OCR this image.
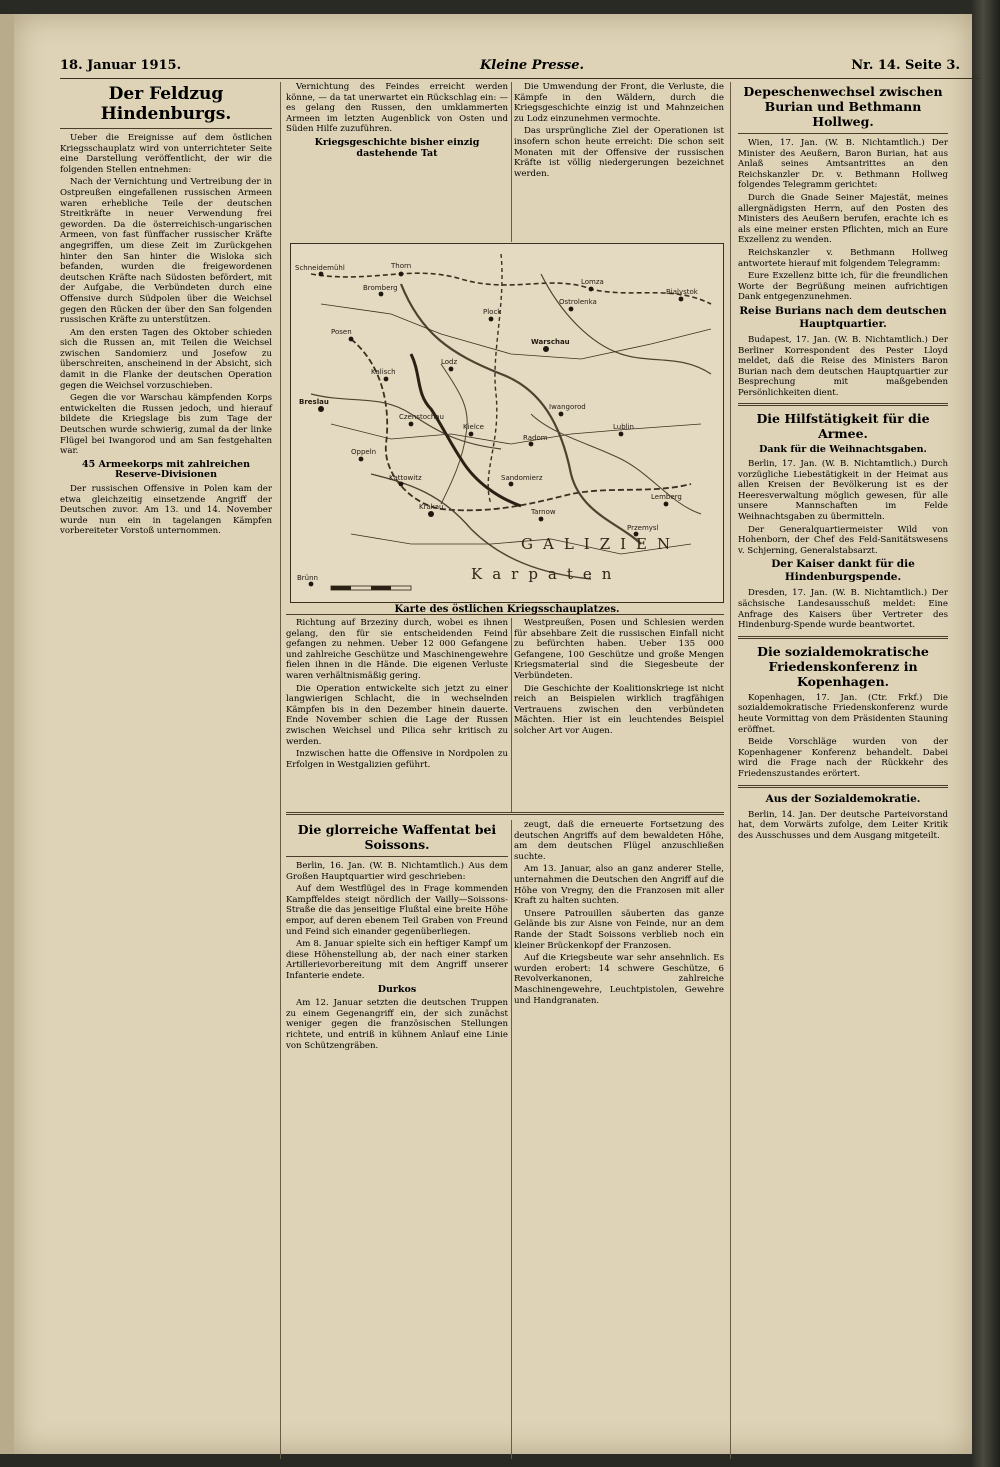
18. Januar 1915.	Kleine Presse.	Nr. 14. Seite 3.
Der Feldzug Hindenburgs.

Ueber die Ereignisse auf dem östlichen Kriegsschauplatz wird von unterrichteter Seite eine Darstellung veröffentlicht, der wir die folgenden Stellen entnehmen:

Nach der Vernichtung und Vertreibung der in Ostpreußen eingefallenen russischen Armeen waren erhebliche Teile der deutschen Streitkräfte in neuer Verwendung frei geworden. Da die österreichisch-ungarischen Armeen, von fast fünffacher russischer Kräfte angegriffen, um diese Zeit im Zurückgehen hinter den San hinter die Wisloka sich befanden, wurden die freigewordenen deutschen Kräfte nach Südosten befördert, mit der Aufgabe, die Verbündeten durch eine Offensive durch Südpolen über die Weichsel gegen den Rücken der über den San folgenden russischen Kräfte zu unterstützen.

Am den ersten Tagen des Oktober schieden sich die Russen an, mit Teilen die Weichsel zwischen Sandomierz und Josefow zu überschreiten, anscheinend in der Absicht, sich damit in die Flanke der deutschen Operation gegen die Weichsel vorzuschieben.

Gegen die vor Warschau kämpfenden Korps entwickelten die Russen jedoch, und hierauf bildete die Kriegslage bis zum Tage der Deutschen wurde schwierig, zumal da der linke Flügel bei Iwangorod und am San festgehalten war.

45 Armeekorps mit zahlreichen Reserve-Divisionen

Der russischen Offensive in Polen kam der etwa gleichzeitig einsetzende Angriff der Deutschen zuvor. Am 13. und 14. November wurde nun ein in tagelangen Kämpfen vorbereiteter Vorstoß unternommen.

Vernichtung des Feindes erreicht werden könne, — da tat unerwartet ein Rückschlag ein: — es gelang den Russen, den umklammerten Armeen im letzten Augenblick von Osten und Süden Hilfe zuzuführen.

Kriegsgeschichte bisher einzig dastehende Tat

Die Umwendung der Front, die Verluste, die Kämpfe in den Wäldern, durch die Kriegsgeschichte einzig ist und Mahnzeichen zu Lodz einzunehmen vermochte.

Das ursprüngliche Ziel der Operationen ist insofern schon heute erreicht: Die schon seit Monaten mit der Offensive der russischen Kräfte ist völlig niedergerungen bezeichnet werden.

Schneidemühl	Thorn
Bromberg
Lomza
Bialystok
Plock
Ostrolenka
Posen
Warschau
Lodz
Kalisch
Iwangorod
Radom
Lublin
Breslau
Czenstochau
Krakau
Oppeln
Kielce
Tarnow
Lemberg
Przemysl
Brünn
Kattowitz	Sandomierz
GALIZIEN
Karpaten
Karte des östlichen Kriegsschauplatzes.

Richtung auf Brzeziny durch, wobei es ihnen gelang, den für sie entscheidenden Feind gefangen zu nehmen. Ueber 12 000 Gefangene und zahlreiche Geschütze und Maschinengewehre fielen ihnen in die Hände. Die eigenen Verluste waren verhältnismäßig gering.

Die Operation entwickelte sich jetzt zu einer langwierigen Schlacht, die in wechselnden Kämpfen bis in den Dezember hinein dauerte. Ende November schien die Lage der Russen zwischen Weichsel und Pilica sehr kritisch zu werden.

Inzwischen hatte die Offensive in Nordpolen zu Erfolgen in Westgalizien geführt.

Westpreußen, Posen und Schlesien werden für absehbare Zeit die russischen Einfall nicht zu befürchten haben. Ueber 135 000 Gefangene, 100 Geschütze und große Mengen Kriegsmaterial sind die Siegesbeute der Verbündeten.

Die Geschichte der Koalitionskriege ist nicht reich an Beispielen wirklich tragfähigen Vertrauens zwischen den verbündeten Mächten. Hier ist ein leuchtendes Beispiel solcher Art vor Augen.

Die glorreiche Waffentat bei Soissons.

Berlin, 16. Jan. (W. B. Nichtamtlich.) Aus dem Großen Hauptquartier wird geschrieben:

Auf dem Westflügel des in Frage kommenden Kampffeldes steigt nördlich der Vailly—Soissons-Straße die das jenseitige Flußtal eine breite Höhe empor, auf deren ebenem Teil Graben von Freund und Feind sich einander gegenüberliegen.

Am 8. Januar spielte sich ein heftiger Kampf um diese Höhenstellung ab, der nach einer starken Artillerievorbereitung mit dem Angriff unserer Infanterie endete.

Durkos

Am 12. Januar setzten die deutschen Truppen zu einem Gegenangriff ein, der sich zunächst weniger gegen die französischen Stellungen richtete, und entriß in kühnem Anlauf eine Linie von Schützengräben.

zeugt, daß die erneuerte Fortsetzung des deutschen Angriffs auf dem bewaldeten Höhe, am dem deutschen Flügel anzuschließen suchte.

Am 13. Januar, also an ganz anderer Stelle, unternahmen die Deutschen den Angriff auf die Höhe von Vregny, den die Franzosen mit aller Kraft zu halten suchten.

Unsere Patrouillen säuberten das ganze Gelände bis zur Aisne von Feinde, nur an dem Rande der Stadt Soissons verblieb noch ein kleiner Brückenkopf der Franzosen.

Auf die Kriegsbeute war sehr ansehnlich. Es wurden erobert: 14 schwere Geschütze, 6 Revolverkanonen, zahlreiche Maschinengewehre, Leuchtpistolen, Gewehre und Handgranaten.

Depeschenwechsel zwischen Burian und Bethmann Hollweg.

Wien, 17. Jan. (W. B. Nichtamtlich.) Der Minister des Aeußern, Baron Burian, hat aus Anlaß seines Amtsantrittes an den Reichskanzler Dr. v. Bethmann Hollweg folgendes Telegramm gerichtet:

Durch die Gnade Seiner Majestät, meines allergnädigsten Herrn, auf den Posten des Ministers des Aeußern berufen, erachte ich es als eine meiner ersten Pflichten, mich an Eure Exzellenz zu wenden.

Reichskanzler v. Bethmann Hollweg antwortete hierauf mit folgendem Telegramm:

Eure Exzellenz bitte ich, für die freundlichen Worte der Begrüßung meinen aufrichtigen Dank entgegenzunehmen.

Reise Burians nach dem deutschen Hauptquartier.

Budapest, 17. Jan. (W. B. Nichtamtlich.) Der Berliner Korrespondent des Pester Lloyd meldet, daß die Reise des Ministers Baron Burian nach dem deutschen Hauptquartier zur Besprechung mit maßgebenden Persönlichkeiten dient.

Die Hilfstätigkeit für die Armee.
Dank für die Weihnachtsgaben.

Berlin, 17. Jan. (W. B. Nichtamtlich.) Durch vorzügliche Liebestätigkeit in der Heimat aus allen Kreisen der Bevölkerung ist es der Heeresverwaltung möglich gewesen, für alle unsere Mannschaften im Felde Weihnachtsgaben zu übermitteln.

Der Generalquartiermeister Wild von Hohenborn, der Chef des Feld-Sanitätswesens v. Schjerning, Generalstabsarzt.

Der Kaiser dankt für die Hindenburgspende.

Dresden, 17. Jan. (W. B. Nichtamtlich.) Der sächsische Landesausschuß meldet: Eine Anfrage des Kaisers über Vertreter des Hindenburg-Spende wurde beantwortet.

Die sozialdemokratische Friedenskonferenz in Kopenhagen.

Kopenhagen, 17. Jan. (Ctr. Frkf.) Die sozialdemokratische Friedenskonferenz wurde heute Vormittag von dem Präsidenten Stauning eröffnet.

Beide Vorschläge wurden von der Kopenhagener Konferenz behandelt. Dabei wird die Frage nach der Rückkehr des Friedenszustandes erörtert.

Aus der Sozialdemokratie.

Berlin, 14. Jan. Der deutsche Parteivorstand hat, dem Vorwärts zufolge, dem Leiter Kritik des Ausschusses und dem Ausgang mitgeteilt.
